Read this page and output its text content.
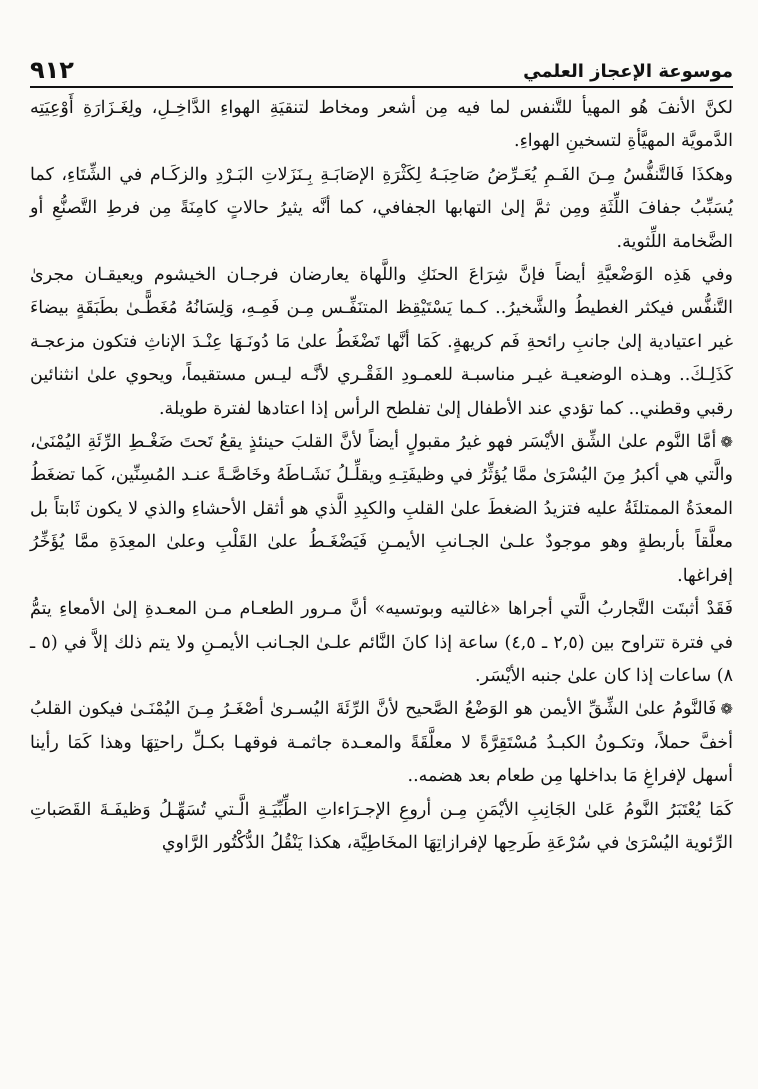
٩١٢	موسوعة الإعجاز العلمي

لكنَّ الأنفَ هُو المهيأ للتَّنفس لما فيه مِن أشعر ومخاط لتنقيَةِ الهواءِ الدَّاخِـلِ، ولِغَـزَارَةِ أَوْعِيَتِه الدَّمويَّة المهيَّأةِ لتسخينِ الهواءِ.

وهكذَا فَالتَّنفُّسُ مِـنَ الفَـمِ يُعَـرِّضُ صَاحِبَـهُ لِكَثْرَةِ الإصَابَـةِ بِـنَزَلاتِ البَـرْدِ والزكَـام في الشِّتَاءِ، كما يُسَبِّبُ جفافَ اللِّثَةِ ومِن ثمَّ إلىٰ التهابها الجفافي، كما أنَّه يثيرُ حالاتٍ كامِنَةً مِن فرطِ التَّصنُّعِ أو الضَّخامة اللِّثوية.

وفي هَذِه الوَضْعيَّةِ أيضاً فإنَّ شِرَاعَ الحنَكِ واللَّهاة يعارضان فرجـان الخيشوم ويعيقـان مجرىٰ التَّنفُّس فيكثر الغطيطُ والشَّخيرُ.. كـما يَسْتَيْقِظ المتنَفِّـس مِـن فَمِـهِ، وَلِسَانُهُ مُغَطًّـىٰ بطَبَقَةٍ بيضاءَ غير اعتيادية إلىٰ جانبِ رائحةِ فَم كريهةٍ. كَمَا أنَّها تَضْغَطُ علىٰ مَا دُونَـهَا عِنْـدَ الإناثِ فتكون مزعجـة كَذَلِـكَ.. وهـذه الوضعيـة غيـر مناسبـة للعمـودِ الفَقْـري لأنَّـه ليـس مستقيماً، ويحوي علىٰ انثنائين رقبي وقطني.. كما تؤدي عند الأطفال إلىٰ تفلطح الرأس إذا اعتادها لفترة طويلة.

❁أمَّا النَّوم علىٰ الشِّق الأيْسَر فهو غيرُ مقبولٍ أيضاً لأنَّ القلبَ حينئذٍ يقعُ تَحتَ ضَغْـطِ الرِّئَةِ اليُمْنَىٰ، والَّتي هي أكبرُ مِنَ اليُسْرَىٰ ممَّا يُؤثِّرُ في وظيفَتِـهِ ويقلِّـلُ نَشَـاطَهُ وخَاصَّـةً عنـد المُسِنِّين، كَما تضغَطُ المعدَةُ الممتلئَةُ عليه فتزيدُ الضغطَ علىٰ القلبِ والكبِدِ الَّذي هو أثقل الأحشاءِ والذي لا يكون ثَابتاً بل معلَّقاً بأربطةٍ وهو موجودٌ علـىٰ الجـانبِ الأيمـنِ فَيَضْغَـطُ علىٰ القَلْبِ وعلىٰ المعِدَةِ ممَّا يُؤَخِّرُ إفراغها.

فَقَدْ أثبتَت التَّجاربُ الَّتي أجراها «غالتيه وبوتسيه» أنَّ مـرور الطعـام مـن المعـدةِ إلىٰ الأمعاءِ يتمُّ في فترة تتراوح بين (٢,٥ ـ ٤,٥) ساعة إذا كانَ النَّائم علـىٰ الجـانب الأيمـنِ ولا يتم ذلك إلاَّ في (٥ ـ ٨) ساعات إذا كان علىٰ جنبه الأيْسَر.

❁فَالنَّومُ علىٰ الشِّقِّ الأيمن هو الوَضْعُ الصَّحيح لأنَّ الرِّئَةَ اليُسـرىٰ أصْغَـرُ مِـنَ اليُمْنَـىٰ فيكون القلبُ أخفَّ حملاً، وتكـونُ الكبـدُ مُسْتَقِرَّةً لا معلَّقَةً والمعـدة جاثمـة فوقهـا بكـلِّ راحتِهَا وهذا كَمَا رأينا أسهل لإفراغِ مَا بداخلها مِن طعام بعد هضمه..

كَمَا يُعْتَبَرُ النَّومُ عَلىٰ الجَانِبِ الأيْمَنِ مِـن أروعِ الإجـرَاءاتِ الطِّبِّيَـةِ الَّـتي تُسَهِّـلُ وَظيفَـةَ القَصَباتِ الرِّئوية اليُسْرَىٰ في سُرْعَةِ طَرحِها لإفرازاتِهَا المخَاطِيَّة، هكذا يَنْقُلُ الدُّكْتُور الرَّاوي
